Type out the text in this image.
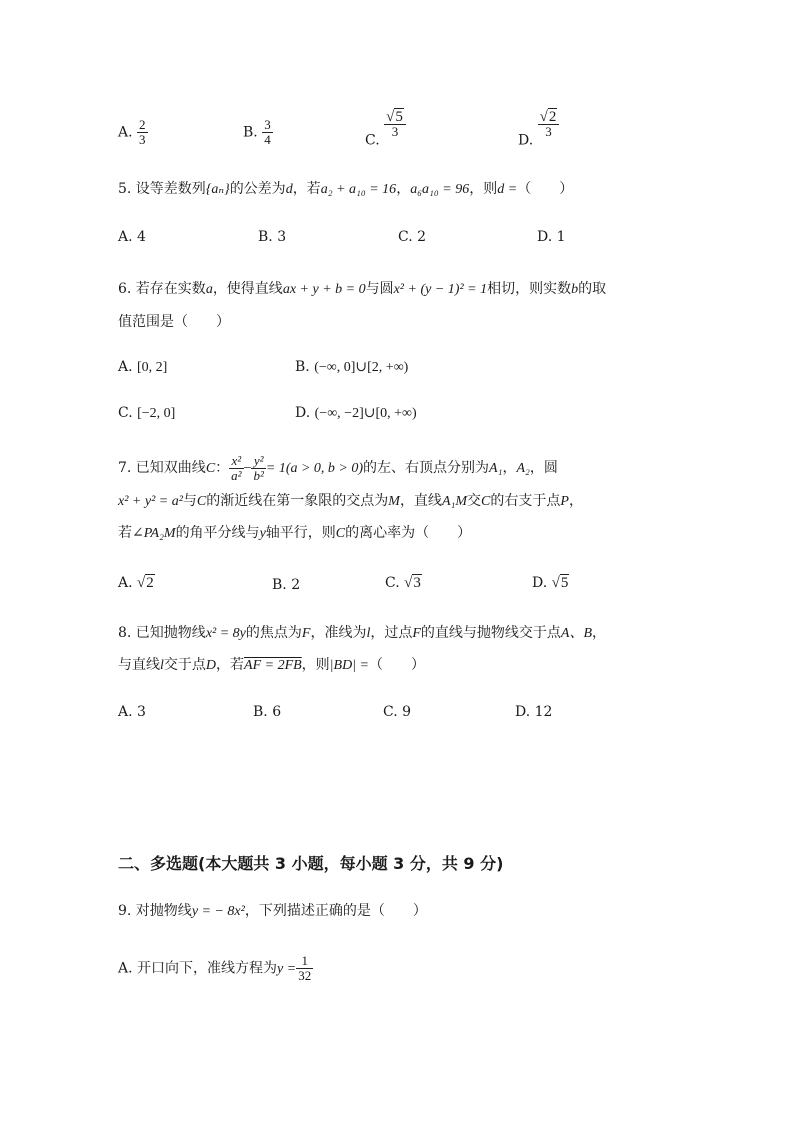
A. $\frac{2}{3}$	B. $\frac{3}{4}$	C.
$\frac{√5}{3}$
D.
$\frac{√2}{3}$
5. 设等差数列{aₙ}的公差为d，若a₂ + a₁₀ = 16，a₆a₁₀ = 96，则d =（　　）
A. 4	B. 3	C. 2	D. 1
6. 若存在实数a，使得直线ax + y + b = 0与圆x² + (y − 1)² = 1相切，则实数b的取
值范围是（　　）
A. [0, 2]	B. (−∞, 0]∪[2, +∞)
C. [−2, 0]	D. (−∞, −2]∪[0, +∞)
7. 已知双曲线C： $\frac{\text{x²}}{\text{a²}} - \frac{\text{y²}}{\text{b²}} = 1(a > 0$, b > 0)的左、右顶点分别为A₁，A₂，圆
x² + y² = a²与C的渐近线在第一象限的交点为M，直线A₁M交C的右支于点P，
若∠PA₂M的角平分线与y轴平行，则C的离心率为（　　）
A. √2	B. 2	C. √3	D. √5
8. 已知抛物线x² = 8y的焦点为F，准线为l，过点F的直线与抛物线交于点A、B，
与直线l交于点D，若AF = 2FB，则|BD| =（　　）
A. 3	B. 6	C. 9	D. 12
二、多选题(本大题共 3 小题，每小题 3 分，共 9 分)
9. 对抛物线y = − 8x²，下列描述正确的是（　　）
A. 开口向下，准线方程为$y = \frac{1}{32}$
